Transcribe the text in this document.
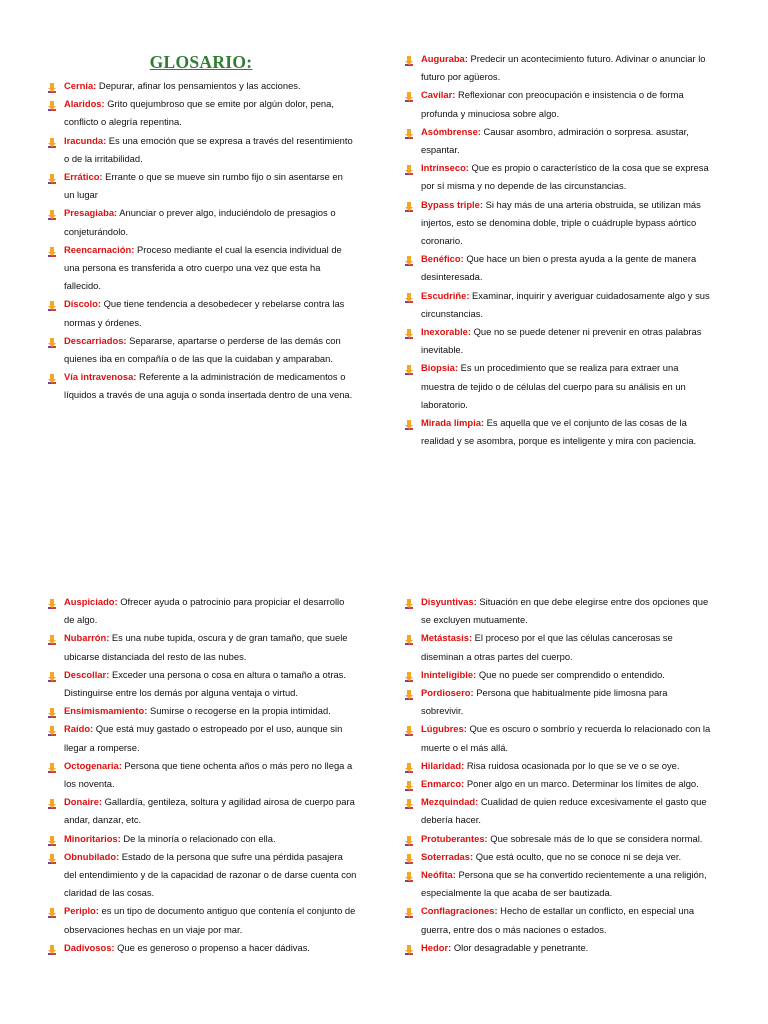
GLOSARIO:
Cernía: Depurar, afinar los pensamientos y las acciones.
Alaridos: Grito quejumbroso que se emite por algún dolor, pena, conflicto o alegría repentina.
Iracunda: Es una emoción que se expresa a través del resentimiento o de la irritabilidad.
Errático: Errante o que se mueve sin rumbo fijo o sin asentarse en un lugar
Presagiaba: Anunciar o prever algo, induciéndolo de presagios o conjeturándolo.
Reencarnación: Proceso mediante el cual la esencia individual de una persona es transferida a otro cuerpo una vez que esta ha fallecido.
Díscolo: Que tiene tendencia a desobedecer y rebelarse contra las normas y órdenes.
Descarriados: Separarse, apartarse o perderse de las demás con quienes iba en compañía o de las que la cuidaban y amparaban.
Vía intravenosa: Referente a la administración de medicamentos o líquidos a través de una aguja o sonda insertada dentro de una vena.
Auguraba: Predecir un acontecimiento futuro. Adivinar o anunciar lo futuro por agüeros.
Cavilar: Reflexionar con preocupación e insistencia o de forma profunda y minuciosa sobre algo.
Asómbrense: Causar asombro, admiración o sorpresa. asustar, espantar.
Intrínseco: Que es propio o característico de la cosa que se expresa por sí misma y no depende de las circunstancias.
Bypass triple: Si hay más de una arteria obstruida, se utilizan más injertos, esto se denomina doble, triple o cuádruple bypass aórtico coronario.
Benéfico: Que hace un bien o presta ayuda a la gente de manera desinteresada.
Escudriñe: Examinar, inquirir y averiguar cuidadosamente algo y sus circunstancias.
Inexorable: Que no se puede detener ni prevenir en otras palabras inevitable.
Biopsia: Es un procedimiento que se realiza para extraer una muestra de tejido o de células del cuerpo para su análisis en un laboratorio.
Mirada limpia: Es aquella que ve el conjunto de las cosas de la realidad y se asombra, porque es inteligente y mira con paciencia.
Auspiciado: Ofrecer ayuda o patrocinio para propiciar el desarrollo de algo.
Nubarrón: Es una nube tupida, oscura y de gran tamaño, que suele ubicarse distanciada del resto de las nubes.
Descollar: Exceder una persona o cosa en altura o tamaño a otras. Distinguirse entre los demás por alguna ventaja o virtud.
Ensimismamiento: Sumirse o recogerse en la propia intimidad.
Raído: Que está muy gastado o estropeado por el uso, aunque sin llegar a romperse.
Octogenaria: Persona que tiene ochenta años o más pero no llega a los noventa.
Donaire: Gallardía, gentileza, soltura y agilidad airosa de cuerpo para andar, danzar, etc.
Minoritarios: De la minoría o relacionado con ella.
Obnubilado: Estado de la persona que sufre una pérdida pasajera del entendimiento y de la capacidad de razonar o de darse cuenta con claridad de las cosas.
Periplo: es un tipo de documento antiguo que contenía el conjunto de observaciones hechas en un viaje por mar.
Dadivosos: Que es generoso o propenso a hacer dádivas.
Disyuntivas: Situación en que debe elegirse entre dos opciones que se excluyen mutuamente.
Metástasis: El proceso por el que las células cancerosas se diseminan a otras partes del cuerpo.
Ininteligible: Que no puede ser comprendido o entendido.
Pordiosero: Persona que habitualmente pide limosna para sobrevivir.
Lúgubres: Que es oscuro o sombrío y recuerda lo relacionado con la muerte o el más allá.
Hilaridad: Risa ruidosa ocasionada por lo que se ve o se oye.
Enmarco: Poner algo en un marco. Determinar los límites de algo.
Mezquindad: Cualidad de quien reduce excesivamente el gasto que debería hacer.
Protuberantes: Que sobresale más de lo que se considera normal.
Soterradas: Que está oculto, que no se conoce ni se deja ver.
Neófita: Persona que se ha convertido recientemente a una religión, especialmente la que acaba de ser bautizada.
Conflagraciones: Hecho de estallar un conflicto, en especial una guerra, entre dos o más naciones o estados.
Hedor: Olor desagradable y penetrante.
